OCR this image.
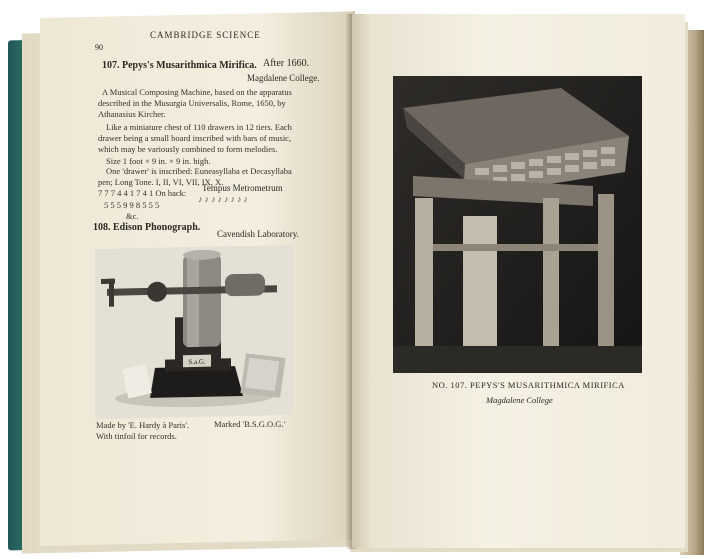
CAMBRIDGE SCIENCE
90
107. Pepys's Musarithmica Mirifica. After 1660.
Magdalene College.
A Musical Composing Machine, based on the apparatus
described in the Musurgia Universalis, Rome, 1650, by
Athanasius Kircher.
Like a miniature chest of 110 drawers in 12 tiers. Each
drawer being a small board inscribed with bars of music,
which may be variously combined to form melodies.
Size 1 foot × 9 in. × 9 in. high.
One 'drawer' is inscribed: Euneasyllaba et Decasyllaba
pen; Long Tone. I, II, VI, VII, IX, X.
7 7 7 4 4 1 7 4 1 On back:
5 5 5 9 9 8 5 5 5
Tempus Metrometrum
♪♪♪♪♪♪♪♪
&c.
108. Edison Phonograph.
Cavendish Laboratory.
S.a.G.
Made by 'E. Hardy à Paris'.
With tinfoil for records.
Marked 'B.S.G.O.G.'
NO. 107. PEPYS'S MUSARITHMICA MIRIFICA
Magdalene College
